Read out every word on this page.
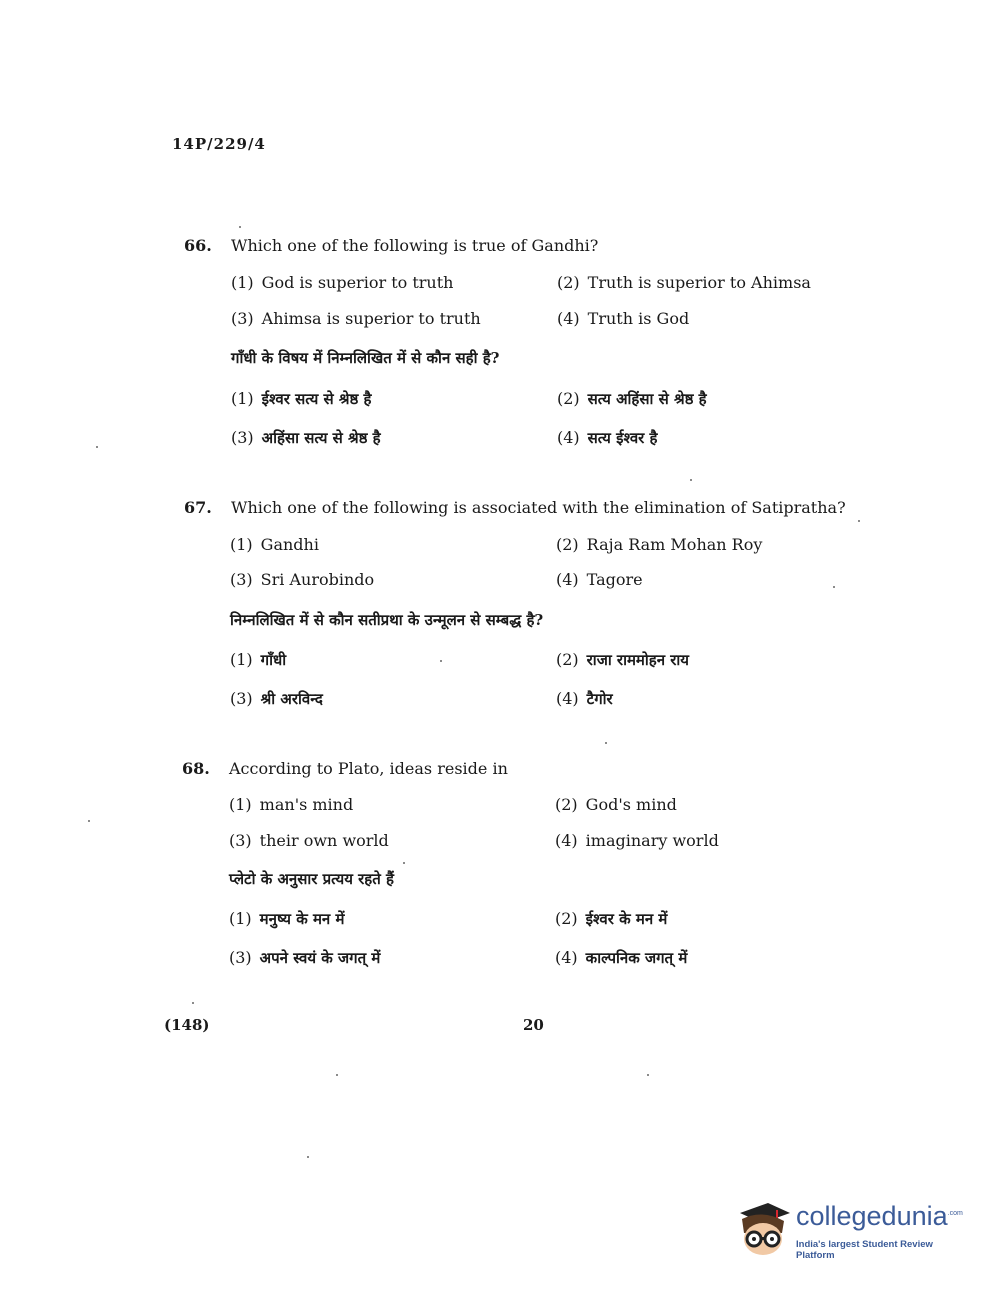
14P/229/4
66. Which one of the following is true of Gandhi?
(1) God is superior to truth	(2) Truth is superior to Ahimsa
(3) Ahimsa is superior to truth	(4) Truth is God
गाँधी के विषय में निम्नलिखित में से कौन सही है?
(1) ईश्वर सत्य से श्रेष्ठ है	(2) सत्य अहिंसा से श्रेष्ठ है
(3) अहिंसा सत्य से श्रेष्ठ है	(4) सत्य ईश्वर है
67. Which one of the following is associated with the elimination of Satipratha?
(1) Gandhi	(2) Raja Ram Mohan Roy
(3) Sri Aurobindo	(4) Tagore
निम्नलिखित में से कौन सतीप्रथा के उन्मूलन से सम्बद्ध है?
(1) गाँधी	(2) राजा राममोहन राय
(3) श्री अरविन्द	(4) टैगोर
68. According to Plato, ideas reside in
(1) man's mind	(2) God's mind
(3) their own world	(4) imaginary world
प्लेटो के अनुसार प्रत्यय रहते हैं
(1) मनुष्य के मन में	(2) ईश्वर के मन में
(3) अपने स्वयं के जगत् में	(4) काल्पनिक जगत् में
(148)	20
collegedunia$^{.com}$
India's largest Student Review Platform
